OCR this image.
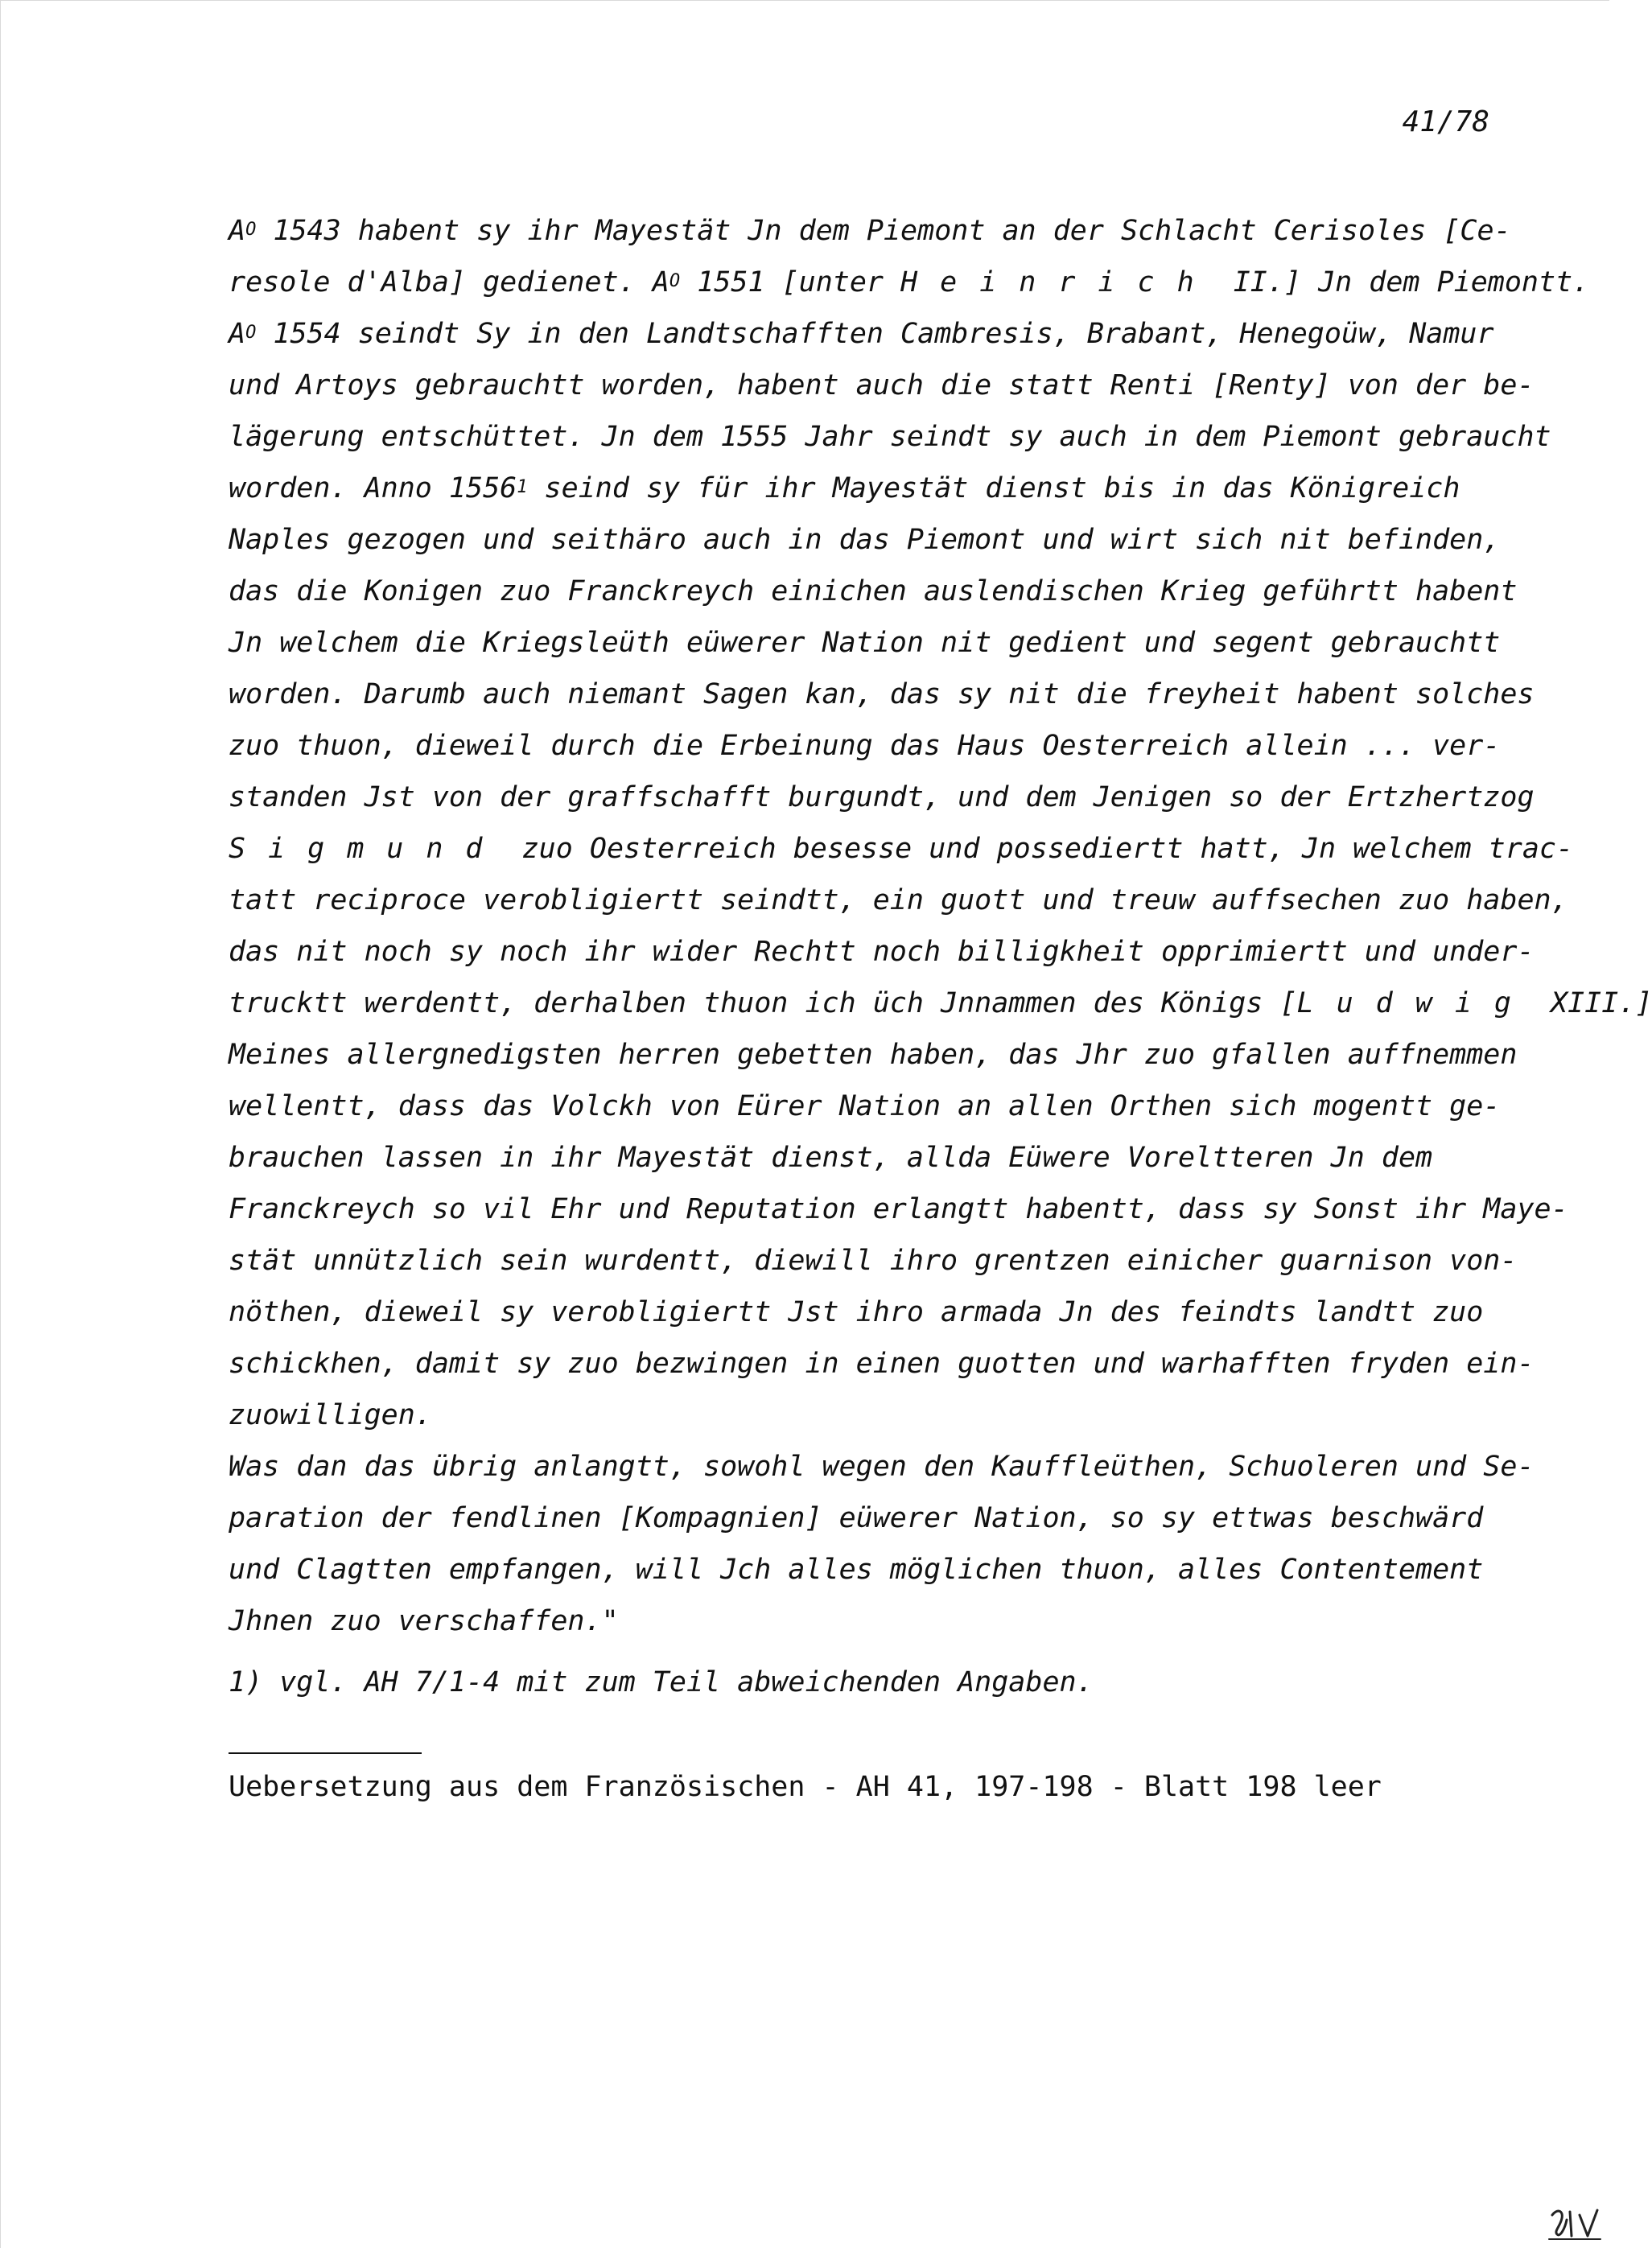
41/78
$A^O$ 1543 habent sy ihr Mayestät Jn dem Piemont an der Schlacht Cerisoles [Ce-
resole d'Alba] gedienet. $A^O$ 1551 [unter Heinrich II.] Jn dem Piemontt.
$A^O$ 1554 seindt Sy in den Landtschafften Cambresis, Brabant, Henegoüw, Namur
und Artoys gebrauchtt worden, habent auch die statt Renti [Renty] von der be-
lägerung entschüttet. Jn dem 1555 Jahr seindt sy auch in dem Piemont gebraucht
worden. Anno 1556$^1$ seind sy für ihr Mayestät dienst bis in das Königreich
Naples gezogen und seithäro auch in das Piemont und wirt sich nit befinden,
das die Konigen zuo Franckreych einichen auslendischen Krieg geführtt habent
Jn welchem die Kriegsleüth eüwerer Nation nit gedient und segent gebrauchtt
worden. Darumb auch niemant Sagen kan, das sy nit die freyheit habent solches
zuo thuon, dieweil durch die Erbeinung das Haus Oesterreich allein ... ver-
standen Jst von der graffschafft burgundt, und dem Jenigen so der Ertzhertzog
Sigmund zuo Oesterreich besesse und possediertt hatt, Jn welchem trac-
tatt reciproce verobligiertt seindtt, ein guott und treuw auffsechen zuo haben,
das nit noch sy noch ihr wider Rechtt noch billigkheit opprimiertt und under-
trucktt werdentt, derhalben thuon ich üch Jnnammen des Königs [Ludwig XIII.]
Meines allergnedigsten herren gebetten haben, das Jhr zuo gfallen auffnemmen
wellentt, dass das Volckh von Eürer Nation an allen Orthen sich mogentt ge-
brauchen lassen in ihr Mayestät dienst, allda Eüwere Voreltteren Jn dem
Franckreych so vil Ehr und Reputation erlangtt habentt, dass sy Sonst ihr Maye-
stät unnützlich sein wurdentt, diewill ihro grentzen einicher guarnison von-
nöthen, dieweil sy verobligiertt Jst ihro armada Jn des feindts landtt zuo
schickhen, damit sy zuo bezwingen in einen guotten und warhafften fryden ein-
zuowilligen.
Was dan das übrig anlangtt, sowohl wegen den Kauffleüthen, Schuoleren und Se-
paration der fendlinen [Kompagnien] eüwerer Nation, so sy ettwas beschwärd
und Clagtten empfangen, will Jch alles möglichen thuon, alles Contentement
Jhnen zuo verschaffen."
1) vgl. AH 7/1-4 mit zum Teil abweichenden Angaben.
Uebersetzung aus dem Französischen - AH 41, 197-198 - Blatt 198 leer
